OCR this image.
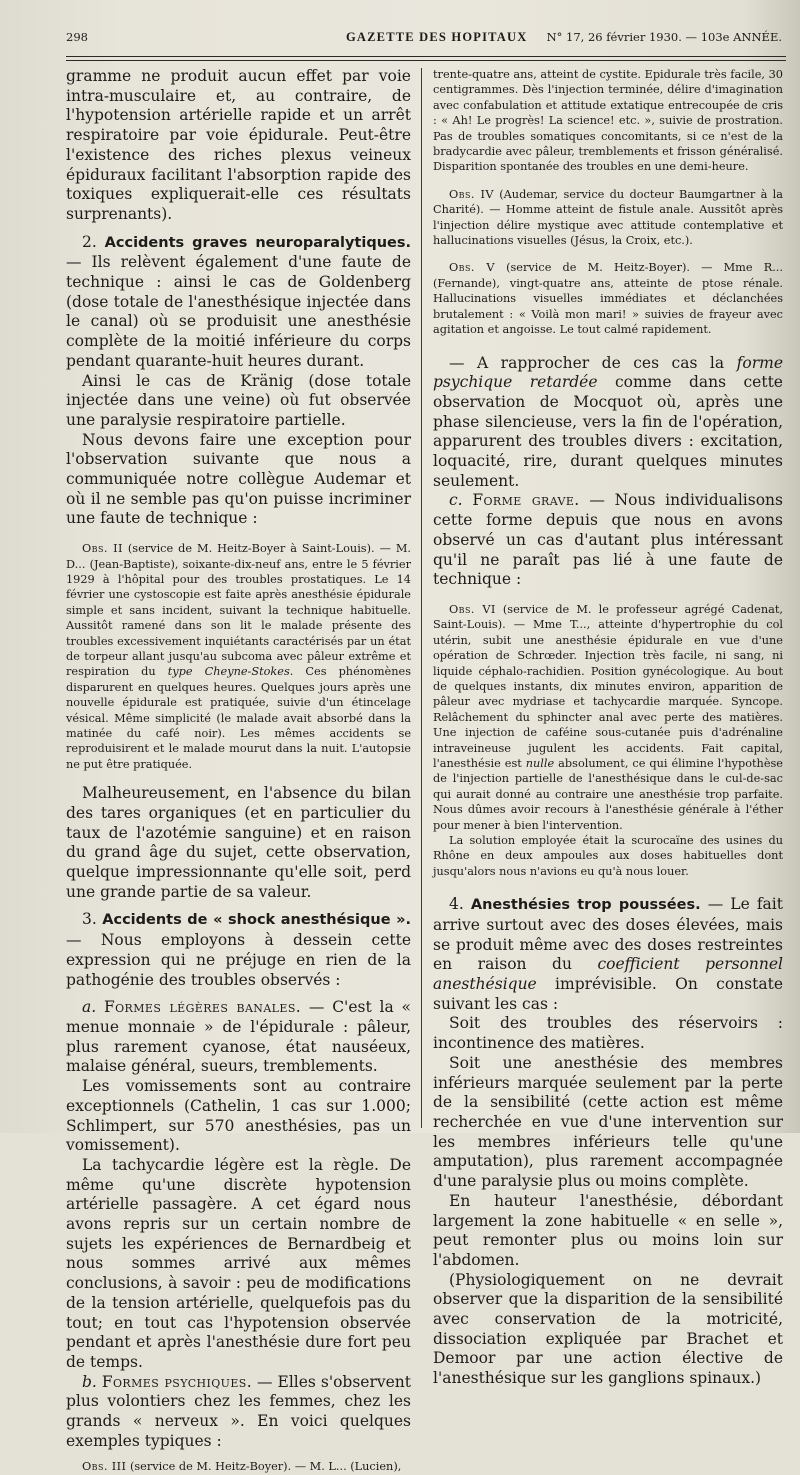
298	GAZETTE DES HOPITAUX N° 17, 26 février 1930. — 103e ANNÉE.

gramme ne produit aucun effet par voie intra-musculaire et, au contraire, de l'hypotension artérielle rapide et un arrêt respiratoire par voie épidurale. Peut-être l'existence des riches plexus veineux épiduraux facilitant l'absorption rapide des toxiques expliquerait-elle ces résultats surprenants).

2. Accidents graves neuroparalytiques. — Ils relèvent également d'une faute de technique : ainsi le cas de Goldenberg (dose totale de l'anesthésique injectée dans le canal) où se produisit une anesthésie complète de la moitié inférieure du corps pendant quarante-huit heures durant.

Ainsi le cas de Kränig (dose totale injectée dans une veine) où fut observée une paralysie respiratoire partielle.

Nous devons faire une exception pour l'observation suivante que nous a communiquée notre collègue Audemar et où il ne semble pas qu'on puisse incriminer une faute de technique :

Obs. II (service de M. Heitz-Boyer à Saint-Louis). — M. D... (Jean-Baptiste), soixante-dix-neuf ans, entre le 5 février 1929 à l'hôpital pour des troubles prostatiques. Le 14 février une cystoscopie est faite après anesthésie épidurale simple et sans incident, suivant la technique habituelle. Aussitôt ramené dans son lit le malade présente des troubles excessivement inquiétants caractérisés par un état de torpeur allant jusqu'au subcoma avec pâleur extrême et respiration du type Cheyne-Stokes. Ces phénomènes disparurent en quelques heures. Quelques jours après une nouvelle épidurale est pratiquée, suivie d'un étincelage vésical. Même simplicité (le malade avait absorbé dans la matinée du café noir). Les mêmes accidents se reproduisirent et le malade mourut dans la nuit. L'autopsie ne put être pratiquée.

Malheureusement, en l'absence du bilan des tares organiques (et en particulier du taux de l'azotémie sanguine) et en raison du grand âge du sujet, cette observation, quelque impressionnante qu'elle soit, perd une grande partie de sa valeur.

3. Accidents de « shock anesthésique ». — Nous employons à dessein cette expression qui ne préjuge en rien de la pathogénie des troubles observés :

a. Formes légères banales. — C'est la « menue monnaie » de l'épidurale : pâleur, plus rarement cyanose, état nauséeux, malaise général, sueurs, tremblements.

Les vomissements sont au contraire exceptionnels (Cathelin, 1 cas sur 1.000; Schlimpert, sur 570 anesthésies, pas un vomissement).

La tachycardie légère est la règle. De même qu'une discrète hypotension artérielle passagère. A cet égard nous avons repris sur un certain nombre de sujets les expériences de Bernardbeig et nous sommes arrivé aux mêmes conclusions, à savoir : peu de modifications de la tension artérielle, quelquefois pas du tout; en tout cas l'hypotension observée pendant et après l'anesthésie dure fort peu de temps.

b. Formes psychiques. — Elles s'observent plus volontiers chez les femmes, chez les grands « nerveux ». En voici quelques exemples typiques :

Obs. III (service de M. Heitz-Boyer). — M. L... (Lucien),

trente-quatre ans, atteint de cystite. Epidurale très facile, 30 centigrammes. Dès l'injection terminée, délire d'imagination avec confabulation et attitude extatique entrecoupée de cris : « Ah! Le progrès! La science! etc. », suivie de prostration. Pas de troubles somatiques concomitants, si ce n'est de la bradycardie avec pâleur, tremblements et frisson généralisé. Disparition spontanée des troubles en une demi-heure.

Obs. IV (Audemar, service du docteur Baumgartner à la Charité). — Homme atteint de fistule anale. Aussitôt après l'injection délire mystique avec attitude contemplative et hallucinations visuelles (Jésus, la Croix, etc.).

Obs. V (service de M. Heitz-Boyer). — Mme R... (Fernande), vingt-quatre ans, atteinte de ptose rénale. Hallucinations visuelles immédiates et déclanchées brutalement : « Voilà mon mari! » suivies de frayeur avec agitation et angoisse. Le tout calmé rapidement.

— A rapprocher de ces cas la forme psychique retardée comme dans cette observation de Mocquot où, après une phase silencieuse, vers la fin de l'opération, apparurent des troubles divers : excitation, loquacité, rire, durant quelques minutes seulement.

c. Forme grave. — Nous individualisons cette forme depuis que nous en avons observé un cas d'autant plus intéressant qu'il ne paraît pas lié à une faute de technique :

Obs. VI (service de M. le professeur agrégé Cadenat, Saint-Louis). — Mme T..., atteinte d'hypertrophie du col utérin, subit une anesthésie épidurale en vue d'une opération de Schrœder. Injection très facile, ni sang, ni liquide céphalo-rachidien. Position gynécologique. Au bout de quelques instants, dix minutes environ, apparition de pâleur avec mydriase et tachycardie marquée. Syncope. Relâchement du sphincter anal avec perte des matières. Une injection de caféine sous-cutanée puis d'adrénaline intraveineuse jugulent les accidents. Fait capital, l'anesthésie est nulle absolument, ce qui élimine l'hypothèse de l'injection partielle de l'anesthésique dans le cul-de-sac qui aurait donné au contraire une anesthésie trop parfaite. Nous dûmes avoir recours à l'anesthésie générale à l'éther pour mener à bien l'intervention.

La solution employée était la scurocaïne des usines du Rhône en deux ampoules aux doses habituelles dont jusqu'alors nous n'avions eu qu'à nous louer.

4. Anesthésies trop poussées. — Le fait arrive surtout avec des doses élevées, mais se produit même avec des doses restreintes en raison du coefficient personnel anesthésique imprévisible. On constate suivant les cas :

Soit des troubles des réservoirs : incontinence des matières.

Soit une anesthésie des membres inférieurs marquée seulement par la perte de la sensibilité (cette action est même recherchée en vue d'une intervention sur les membres inférieurs telle qu'une amputation), plus rarement accompagnée d'une paralysie plus ou moins complète.

En hauteur l'anesthésie, débordant largement la zone habituelle « en selle », peut remonter plus ou moins loin sur l'abdomen.

(Physiologiquement on ne devrait observer que la disparition de la sensibilité avec conservation de la motricité, dissociation expliquée par Brachet et Demoor par une action élective de l'anesthésique sur les ganglions spinaux.)
